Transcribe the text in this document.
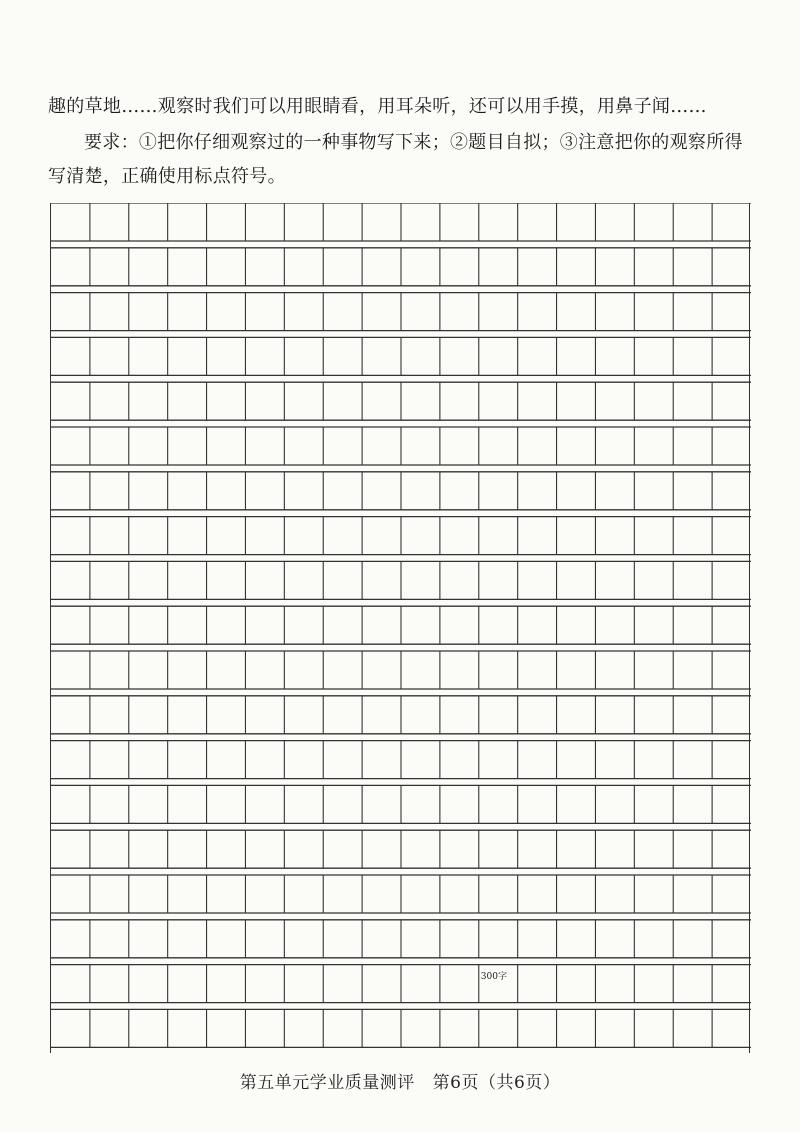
趣的草地……观察时我们可以用眼睛看，用耳朵听，还可以用手摸，用鼻子闻……

要求：①把你仔细观察过的一种事物写下来；②题目自拟；③注意把你的观察所得写清楚，正确使用标点符号。

300字
第五单元学业质量测评 第6页（共6页）
